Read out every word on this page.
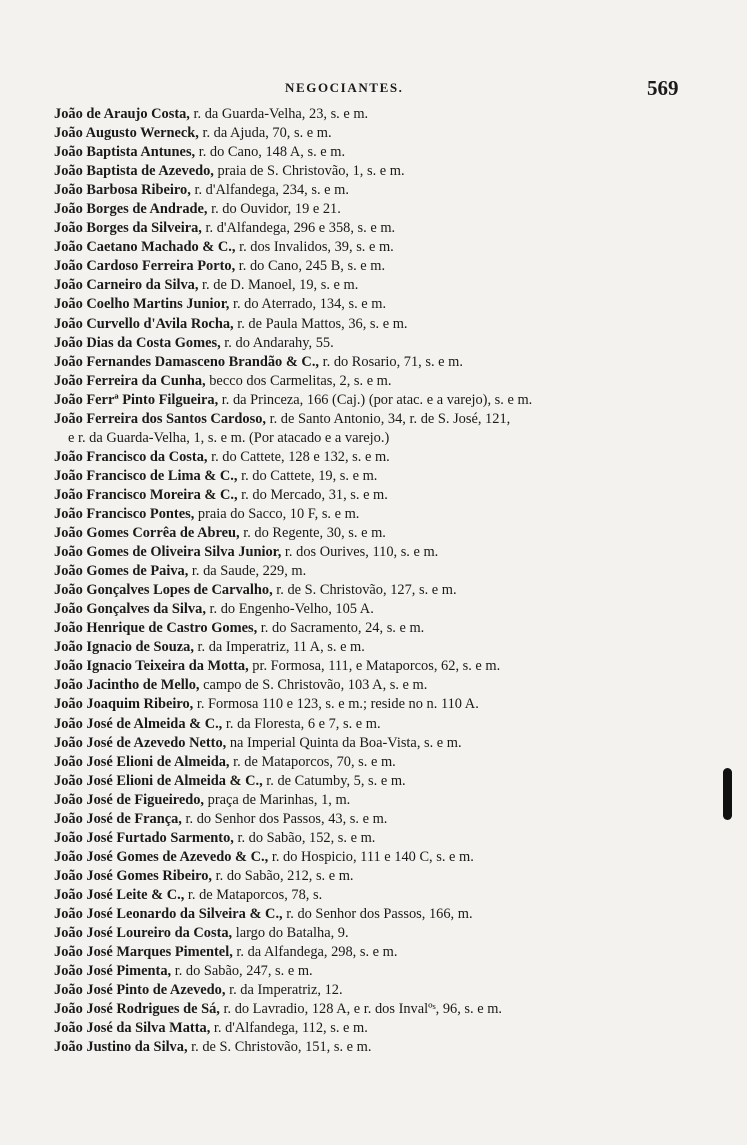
NEGOCIANTES.	569
João de Araujo Costa, r. da Guarda-Velha, 23, s. e m.
João Augusto Werneck, r. da Ajuda, 70, s. e m.
João Baptista Antunes, r. do Cano, 148 A, s. e m.
João Baptista de Azevedo, praia de S. Christovão, 1, s. e m.
João Barbosa Ribeiro, r. d'Alfandega, 234, s. e m.
João Borges de Andrade, r. do Ouvidor, 19 e 21.
João Borges da Silveira, r. d'Alfandega, 296 e 358, s. e m.
João Caetano Machado & C., r. dos Invalidos, 39, s. e m.
João Cardoso Ferreira Porto, r. do Cano, 245 B, s. e m.
João Carneiro da Silva, r. de D. Manoel, 19, s. e m.
João Coelho Martins Junior, r. do Aterrado, 134, s. e m.
João Curvello d'Avila Rocha, r. de Paula Mattos, 36, s. e m.
João Dias da Costa Gomes, r. do Andarahy, 55.
João Fernandes Damasceno Brandão & C., r. do Rosario, 71, s. e m.
João Ferreira da Cunha, becco dos Carmelitas, 2, s. e m.
João Ferrª Pinto Filgueira, r. da Princeza, 166 (Caj.) (por atac. e a varejo), s. e m.
João Ferreira dos Santos Cardoso, r. de Santo Antonio, 34, r. de S. José, 121,
e r. da Guarda-Velha, 1, s. e m. (Por atacado e a varejo.)
João Francisco da Costa, r. do Cattete, 128 e 132, s. e m.
João Francisco de Lima & C., r. do Cattete, 19, s. e m.
João Francisco Moreira & C., r. do Mercado, 31, s. e m.
João Francisco Pontes, praia do Sacco, 10 F, s. e m.
João Gomes Corrêa de Abreu, r. do Regente, 30, s. e m.
João Gomes de Oliveira Silva Junior, r. dos Ourives, 110, s. e m.
João Gomes de Paiva, r. da Saude, 229, m.
João Gonçalves Lopes de Carvalho, r. de S. Christovão, 127, s. e m.
João Gonçalves da Silva, r. do Engenho-Velho, 105 A.
João Henrique de Castro Gomes, r. do Sacramento, 24, s. e m.
João Ignacio de Souza, r. da Imperatriz, 11 A, s. e m.
João Ignacio Teixeira da Motta, pr. Formosa, 111, e Mataporcos, 62, s. e m.
João Jacintho de Mello, campo de S. Christovão, 103 A, s. e m.
João Joaquim Ribeiro, r. Formosa 110 e 123, s. e m.; reside no n. 110 A.
João José de Almeida & C., r. da Floresta, 6 e 7, s. e m.
João José de Azevedo Netto, na Imperial Quinta da Boa-Vista, s. e m.
João José Elioni de Almeida, r. de Mataporcos, 70, s. e m.
João José Elioni de Almeida & C., r. de Catumby, 5, s. e m.
João José de Figueiredo, praça de Marinhas, 1, m.
João José de França, r. do Senhor dos Passos, 43, s. e m.
João José Furtado Sarmento, r. do Sabão, 152, s. e m.
João José Gomes de Azevedo & C., r. do Hospicio, 111 e 140 C, s. e m.
João José Gomes Ribeiro, r. do Sabão, 212, s. e m.
João José Leite & C., r. de Mataporcos, 78, s.
João José Leonardo da Silveira & C., r. do Senhor dos Passos, 166, m.
João José Loureiro da Costa, largo do Batalha, 9.
João José Marques Pimentel, r. da Alfandega, 298, s. e m.
João José Pimenta, r. do Sabão, 247, s. e m.
João José Pinto de Azevedo, r. da Imperatriz, 12.
João José Rodrigues de Sá, r. do Lavradio, 128 A, e r. dos Invalºˢ, 96, s. e m.
João José da Silva Matta, r. d'Alfandega, 112, s. e m.
João Justino da Silva, r. de S. Christovão, 151, s. e m.
